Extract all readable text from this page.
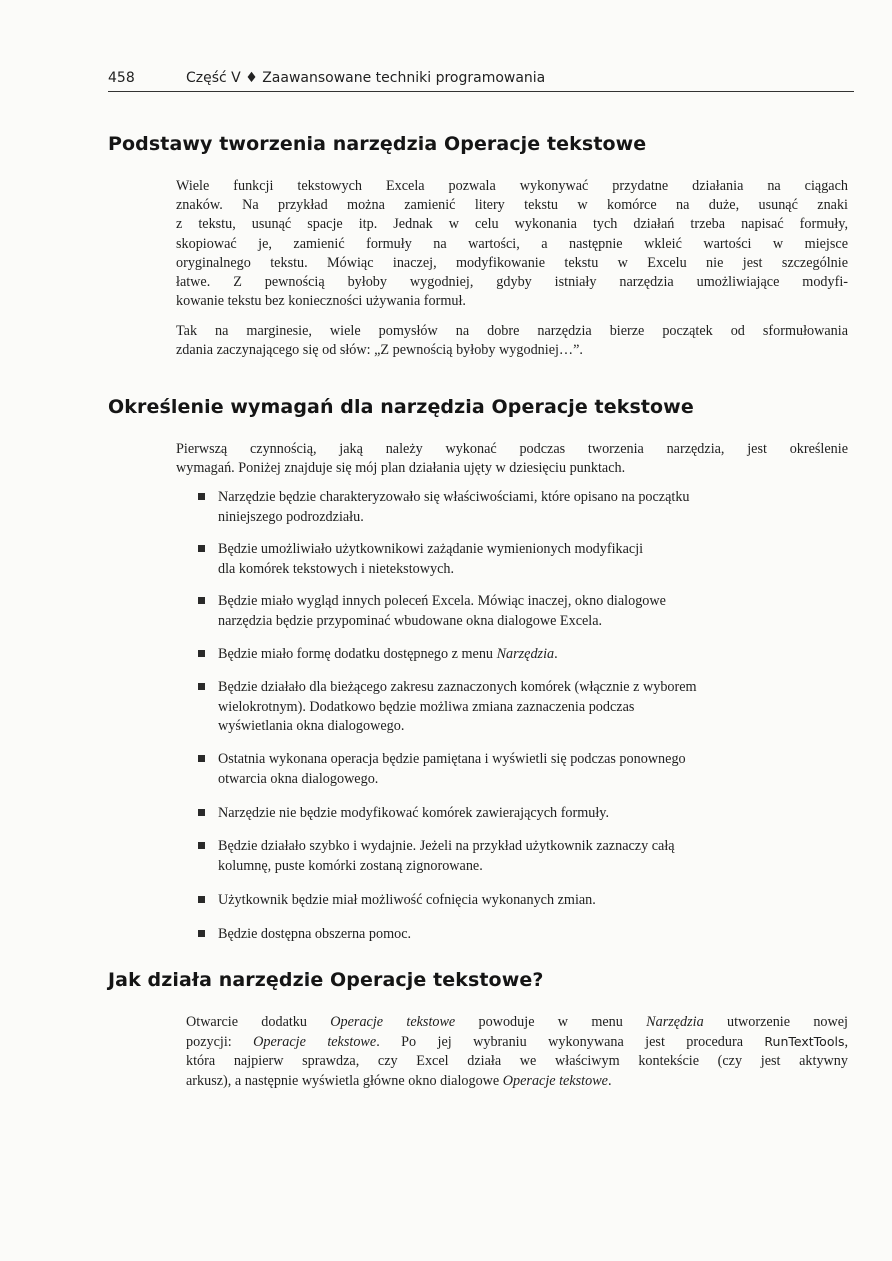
458	Część V ♦ Zaawansowane techniki programowania
Podstawy tworzenia narzędzia Operacje tekstowe
Wiele funkcji tekstowych Excela pozwala wykonywać przydatne działania na ciągach
znaków. Na przykład można zamienić litery tekstu w komórce na duże, usunąć znaki
z tekstu, usunąć spacje itp. Jednak w celu wykonania tych działań trzeba napisać formuły,
skopiować je, zamienić formuły na wartości, a następnie wkleić wartości w miejsce
oryginalnego tekstu. Mówiąc inaczej, modyfikowanie tekstu w Excelu nie jest szczególnie
łatwe. Z pewnością byłoby wygodniej, gdyby istniały narzędzia umożliwiające modyfi-
kowanie tekstu bez konieczności używania formuł.
Tak na marginesie, wiele pomysłów na dobre narzędzia bierze początek od sformułowania
zdania zaczynającego się od słów: „Z pewnością byłoby wygodniej…”.
Określenie wymagań dla narzędzia Operacje tekstowe
Pierwszą czynnością, jaką należy wykonać podczas tworzenia narzędzia, jest określenie
wymagań. Poniżej znajduje się mój plan działania ujęty w dziesięciu punktach.
Narzędzie będzie charakteryzowało się właściwościami, które opisano na początku
niniejszego podrozdziału.
Będzie umożliwiało użytkownikowi zażądanie wymienionych modyfikacji
dla komórek tekstowych i nietekstowych.
Będzie miało wygląd innych poleceń Excela. Mówiąc inaczej, okno dialogowe
narzędzia będzie przypominać wbudowane okna dialogowe Excela.
Będzie miało formę dodatku dostępnego z menu Narzędzia.
Będzie działało dla bieżącego zakresu zaznaczonych komórek (włącznie z wyborem
wielokrotnym). Dodatkowo będzie możliwa zmiana zaznaczenia podczas
wyświetlania okna dialogowego.
Ostatnia wykonana operacja będzie pamiętana i wyświetli się podczas ponownego
otwarcia okna dialogowego.
Narzędzie nie będzie modyfikować komórek zawierających formuły.
Będzie działało szybko i wydajnie. Jeżeli na przykład użytkownik zaznaczy całą
kolumnę, puste komórki zostaną zignorowane.
Użytkownik będzie miał możliwość cofnięcia wykonanych zmian.
Będzie dostępna obszerna pomoc.
Jak działa narzędzie Operacje tekstowe?
Otwarcie dodatku Operacje tekstowe powoduje w menu Narzędzia utworzenie nowej
pozycji: Operacje tekstowe. Po jej wybraniu wykonywana jest procedura RunTextTools,
która najpierw sprawdza, czy Excel działa we właściwym kontekście (czy jest aktywny
arkusz), a następnie wyświetla główne okno dialogowe Operacje tekstowe.
